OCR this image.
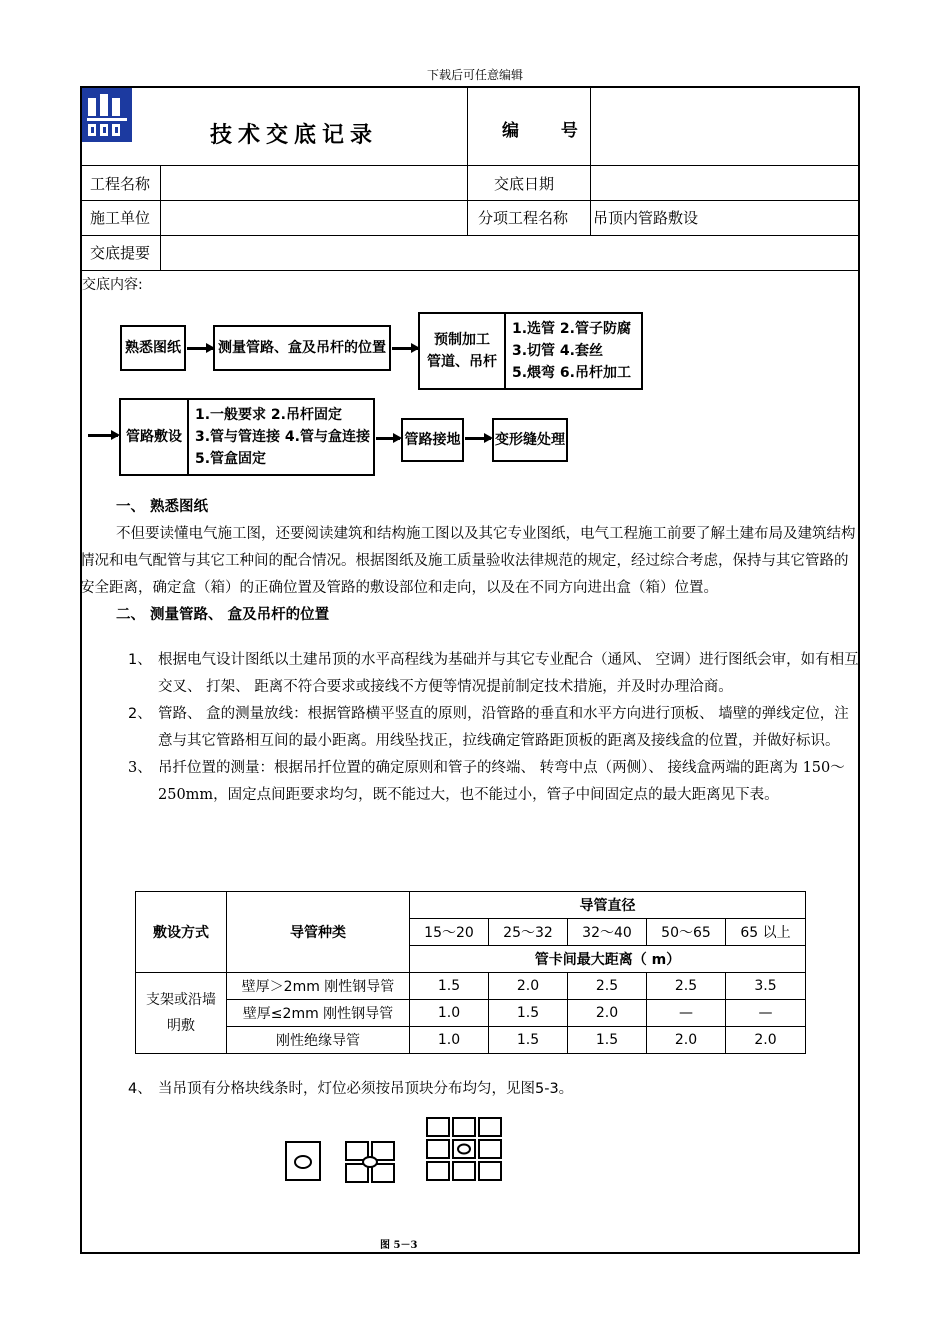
下载后可任意编辑
技术交底记录	编 号
工程名称	交底日期
施工单位	分项工程名称 吊顶内管路敷设
交底提要
交底内容:
熟悉图纸	测量管路、盒及吊杆的位置	预制加工
管道、吊杆
1.选管 2.管子防腐
3.切管 4.套丝
5.煨弯 6.吊杆加工
管路敷设
1.一般要求 2.吊杆固定
3.管与管连接 4.管与盒连接
5.管盒固定
管路接地 变形缝处理
一、 熟悉图纸
不但要读懂电气施工图，还要阅读建筑和结构施工图以及其它专业图纸，电气工程施工前要了解土建布局及建筑结构情况和电气配管与其它工种间的配合情况。根据图纸及施工质量验收法律规范的规定，经过综合考虑，保持与其它管路的安全距离，确定盒（箱）的正确位置及管路的敷设部位和走向，以及在不同方向进出盒（箱）位置。
二、 测量管路、 盒及吊杆的位置
1、 根据电气设计图纸以土建吊顶的水平高程线为基础并与其它专业配合（通风、 空调）进行图纸会审，如有相互交叉、 打架、 距离不符合要求或接线不方便等情况提前制定技术措施，并及时办理洽商。
2、 管路、 盒的测量放线：根据管路横平竖直的原则，沿管路的垂直和水平方向进行顶板、 墙壁的弹线定位，注意与其它管路相互间的最小距离。用线坠找正，拉线确定管路距顶板的距离及接线盒的位置，并做好标识。
3、 吊扦位置的测量：根据吊扦位置的确定原则和管子的终端、 转弯中点（两侧）、 接线盒两端的距离为 150～250mm，固定点间距要求均匀，既不能过大，也不能过小，管子中间固定点的最大距离见下表。
敷设方式	导管种类	导管直径				
		15～20	25～32	32～40	50～65	65 以上
		管卡间最大距离（ m）				
支架或沿墙明敷	壁厚＞2mm 刚性钢导管	1.5	2.0	2.5	2.5	3.5
	壁厚≤2mm 刚性钢导管	1.0	1.5	2.0	—	—
	刚性绝缘导管	1.0	1.5	1.5	2.0	2.0
4、 当吊顶有分格块线条时，灯位必须按吊顶块分布均匀，见图5-3。
图 5－3
